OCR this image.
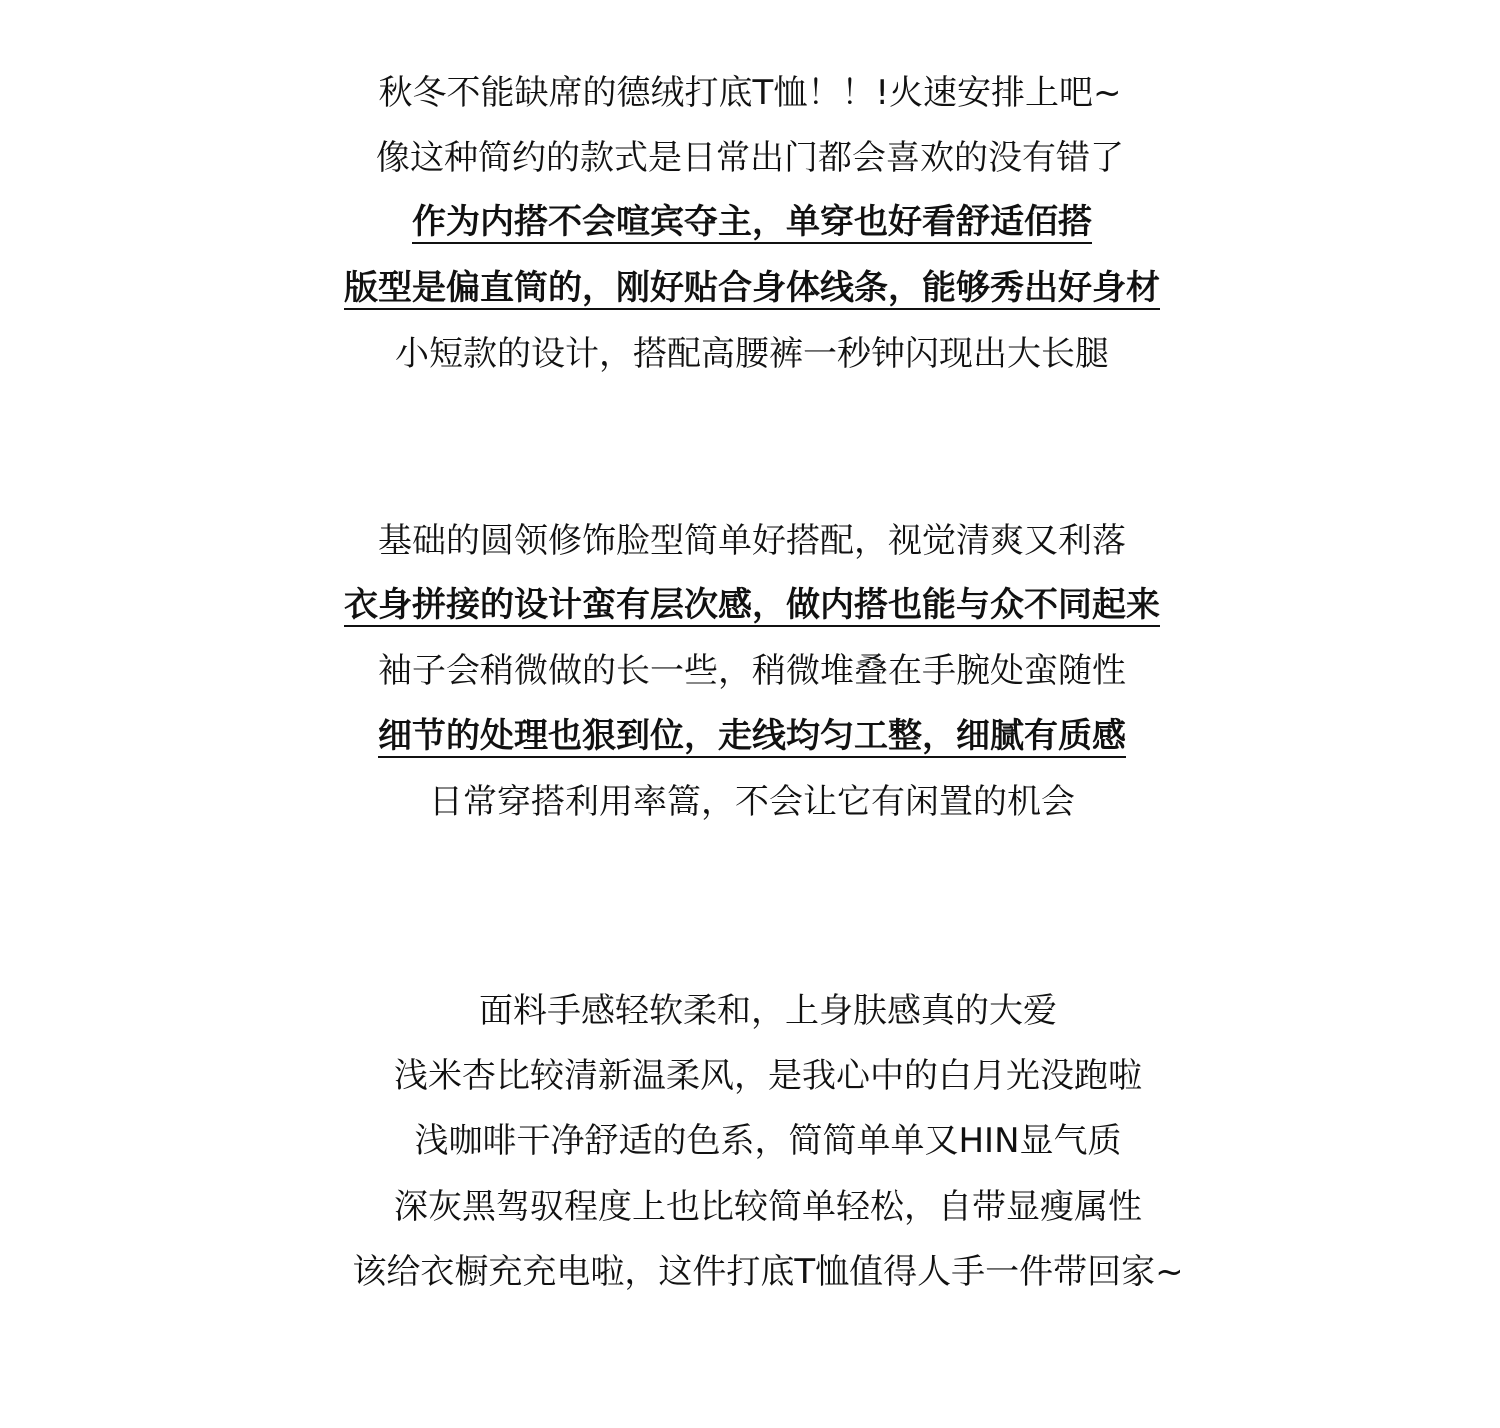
秋冬不能缺席的德绒打底T恤！！!火速安排上吧~
像这种简约的款式是日常出门都会喜欢的没有错了
作为内搭不会喧宾夺主，单穿也好看舒适佰搭
版型是偏直筒的，刚好贴合身体线条，能够秀出好身材
小短款的设计，搭配高腰裤一秒钟闪现出大长腿
基础的圆领修饰脸型简单好搭配，视觉清爽又利落
衣身拼接的设计蛮有层次感，做内搭也能与众不同起来
袖子会稍微做的长一些，稍微堆叠在手腕处蛮随性
细节的处理也狠到位，走线均匀工整，细腻有质感
日常穿搭利用率篙，不会让它有闲置的机会
面料手感轻软柔和，上身肤感真的大爱
浅米杏比较清新温柔风，是我心中的白月光没跑啦
浅咖啡干净舒适的色系，简简单单又HIN显气质
深灰黑驾驭程度上也比较简单轻松，自带显瘦属性
该给衣橱充充电啦，这件打底T恤值得人手一件带回家~
